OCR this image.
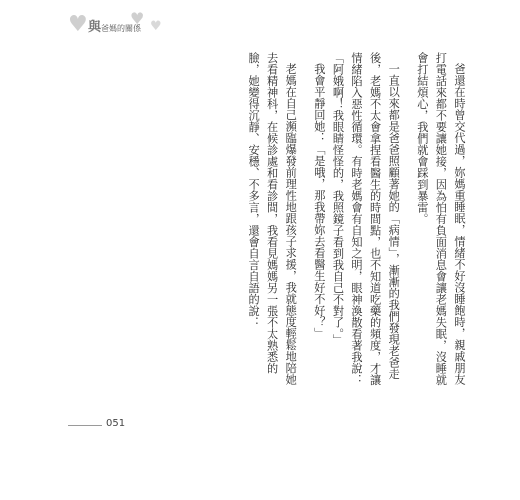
♥	♥ ♥
與爸媽的關係

爸還在時曾交代過，妳媽重睡眠，情緒不好沒睡飽時，親戚朋友打電話來都不要讓她接，因為怕有負面消息會讓老媽失眠，沒睡就會打結煩心，我們就會踩到暴雷。

一直以來都是爸爸照顧著她的「病情」，漸漸的我們發現老爸走後，老媽不太會拿捏看醫生的時間點，也不知道吃藥的頻度，才讓情緒陷入惡性循環。有時老媽會有自知之明，眼神渙散看著我說：

「阿娥啊！我眼睛怪怪的，我照鏡子看到我自己不對了。」

我會平靜回她：「是哦，那我帶妳去看醫生好不好？」

老媽在自己瀕臨爆發前理性地跟孩子求援，我就態度輕鬆地陪她去看精神科，在候診處和看診間，我看見媽媽另一張不太熟悉的臉，她變得沉靜、安穩、不多言，還會自言自語的說：

051
